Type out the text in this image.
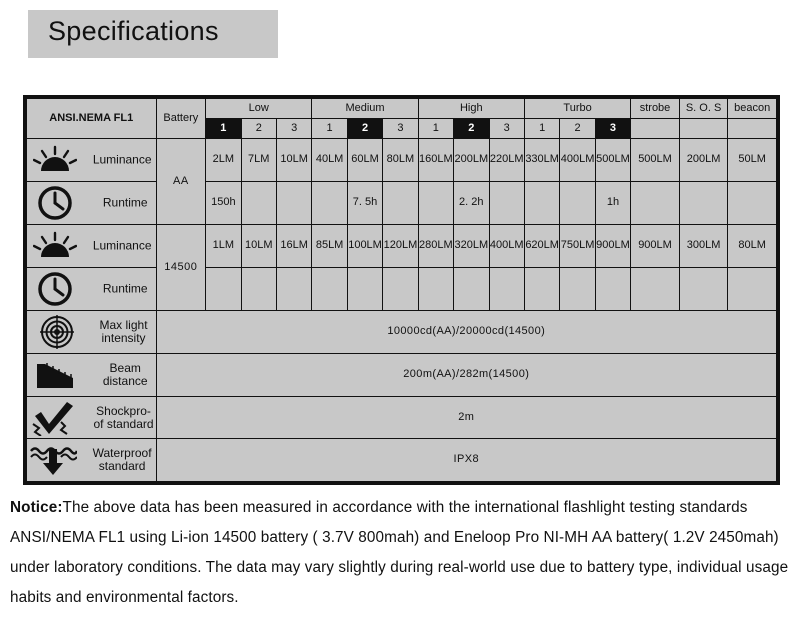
Specifications
ANSI.NEMA FL1	Battery	Low			Medium			High			Turbo			strobe	S. O. S	beacon
		1	2	3	1	2	3	1	2	3	1	2	3			

Luminance	AA	2LM	7LM	10LM	40LM	60LM	80LM	160LM	200LM	220LM	330LM	400LM	500LM	500LM	200LM	50LM

Runtime		150h				7. 5h			2. 2h				1h			

Luminance	14500	1LM	10LM	16LM	85LM	100LM	120LM	280LM	320LM	400LM	620LM	750LM	900LM	900LM	300LM	80LM

Runtime																

Max light
intensity	10000cd(AA)/20000cd(14500)															

Beam
distance	200m(AA)/282m(14500)															

Shockpro-
of standard	2m															

Waterproof
standard	IPX8															
Notice:The above data has been measured in accordance with the international flashlight testing standards ANSI/NEMA FL1 using Li-ion 14500 battery ( 3.7V 800mah) and Eneloop Pro NI-MH AA battery( 1.2V 2450mah) under laboratory conditions. The data may vary slightly during real-world use due to battery type, individual usage habits and environmental factors.
